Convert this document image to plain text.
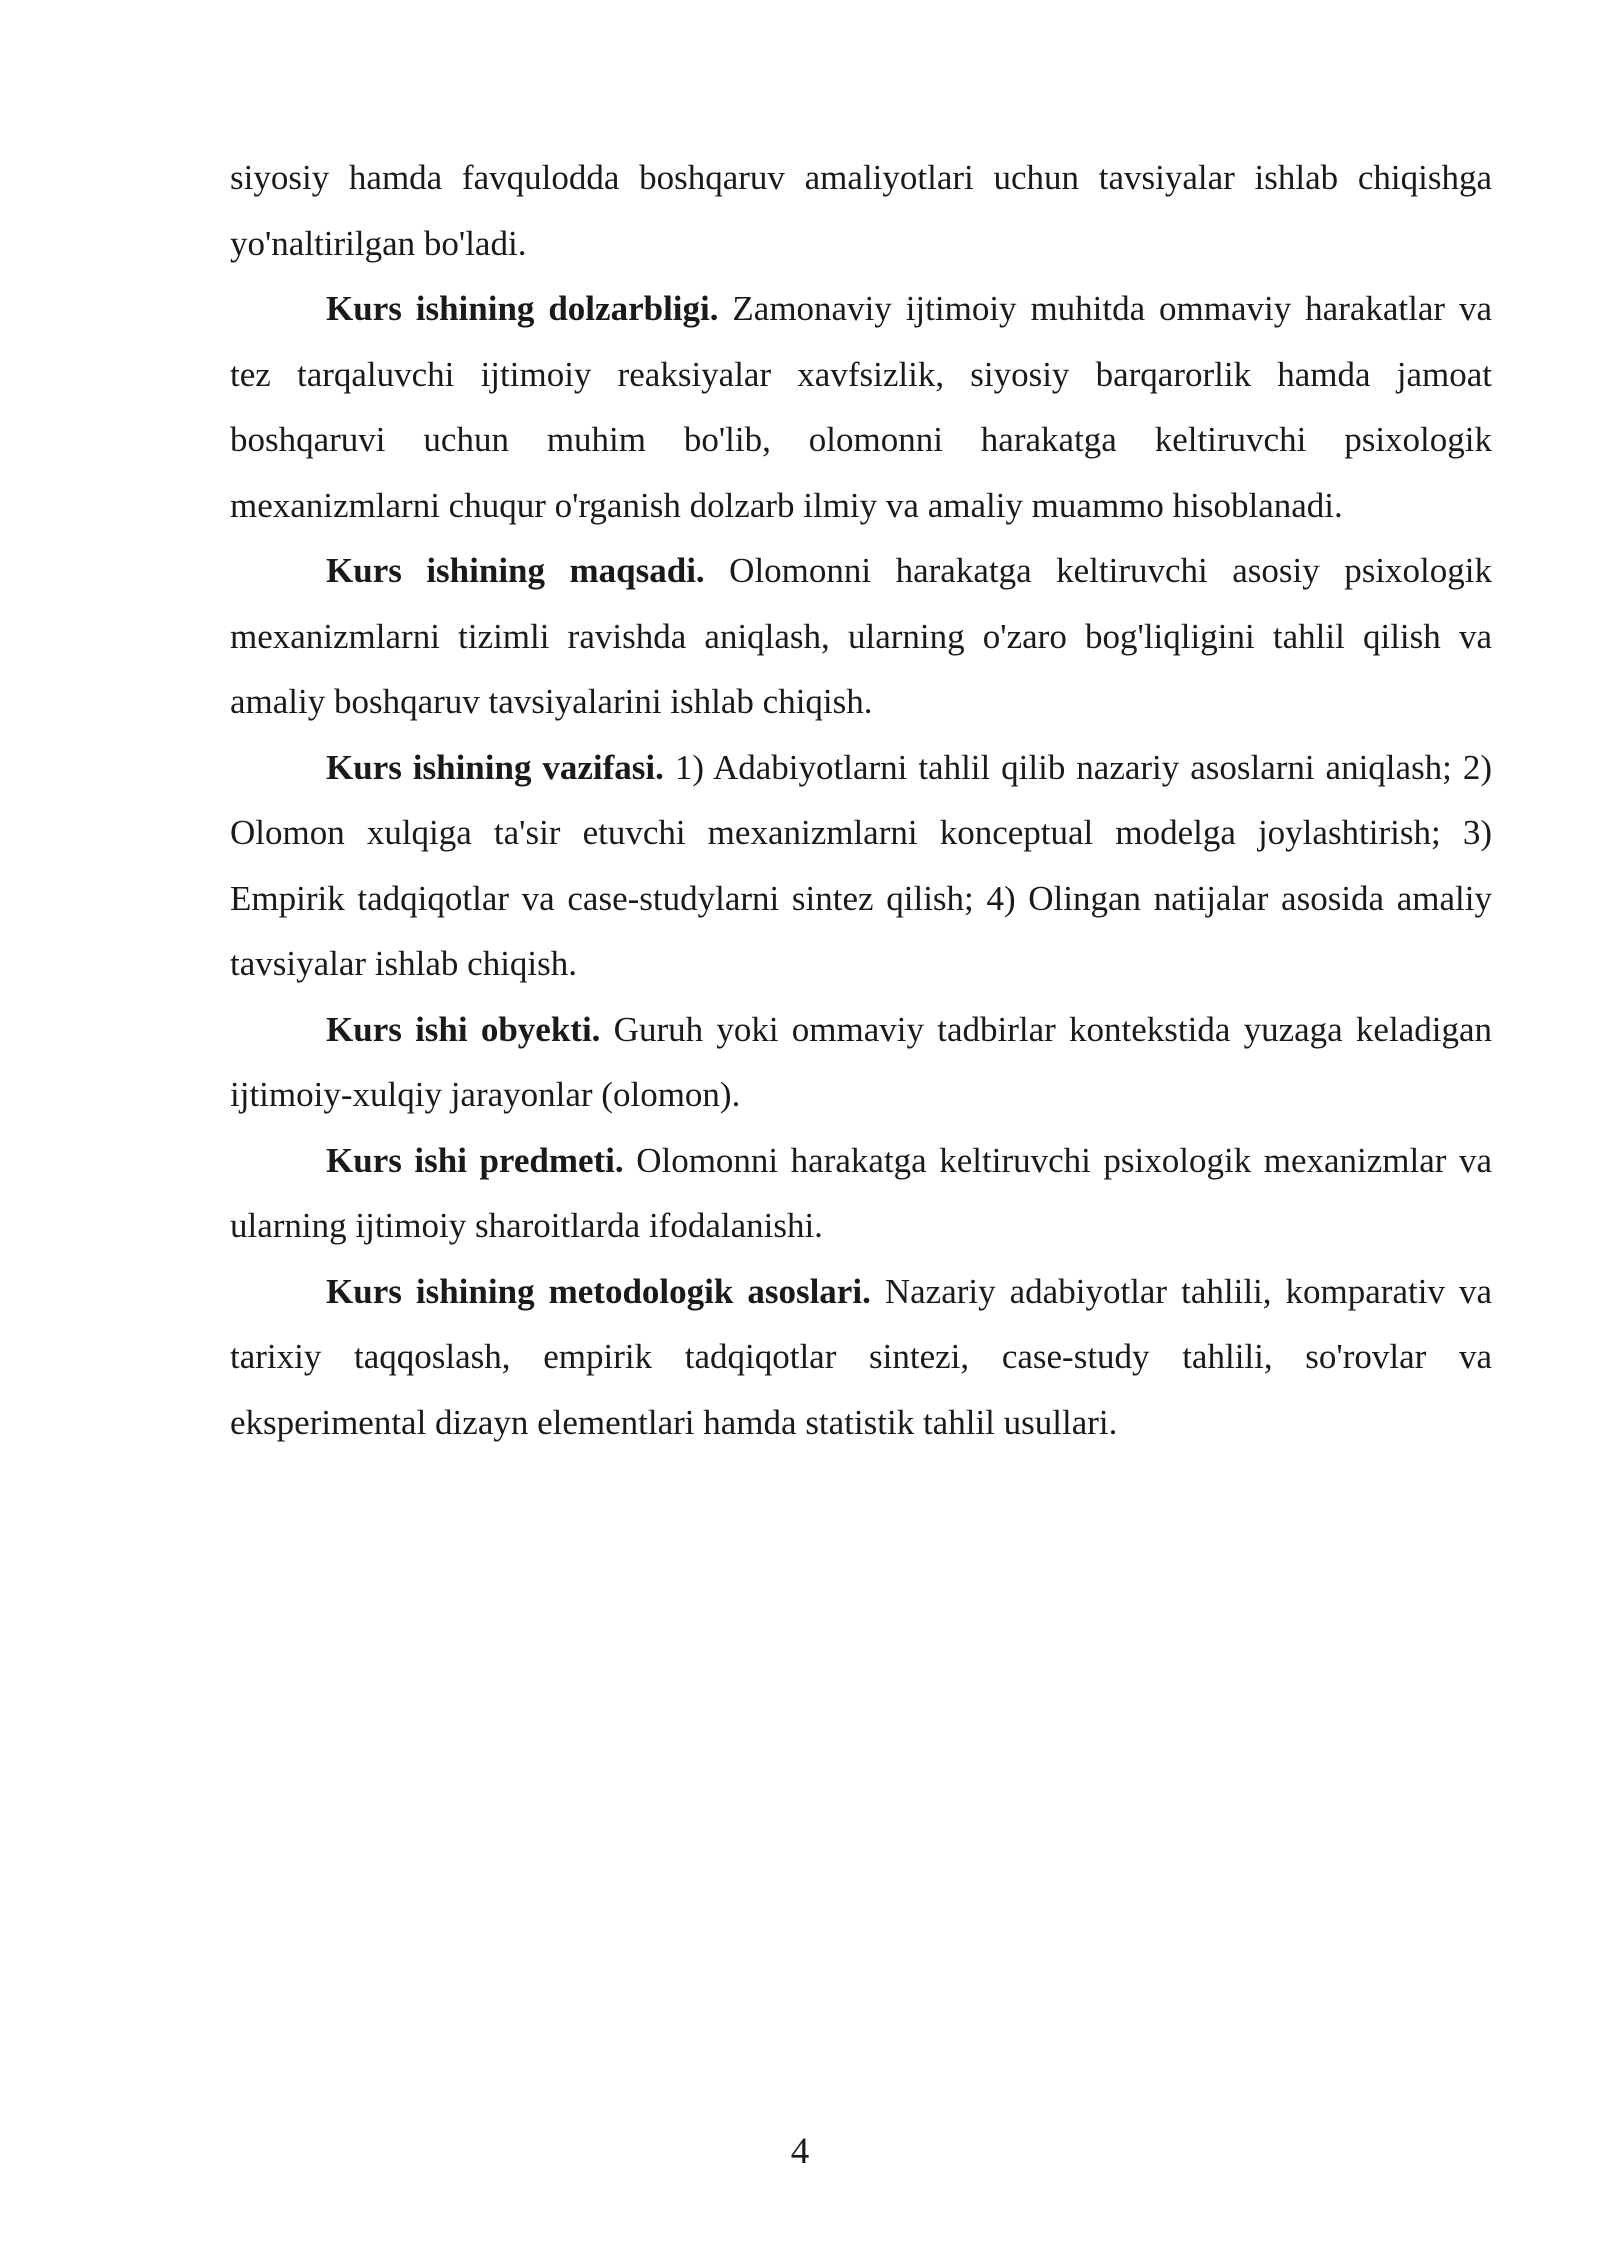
siyosiy hamda favqulodda boshqaruv amaliyotlari uchun tavsiyalar ishlab chiqishga yo'naltirilgan bo'ladi.

Kurs ishining dolzarbligi. Zamonaviy ijtimoiy muhitda ommaviy harakatlar va tez tarqaluvchi ijtimoiy reaksiyalar xavfsizlik, siyosiy barqarorlik hamda jamoat boshqaruvi uchun muhim bo'lib, olomonni harakatga keltiruvchi psixologik mexanizmlarni chuqur o'rganish dolzarb ilmiy va amaliy muammo hisoblanadi.

Kurs ishining maqsadi. Olomonni harakatga keltiruvchi asosiy psixologik mexanizmlarni tizimli ravishda aniqlash, ularning o'zaro bog'liqligini tahlil qilish va amaliy boshqaruv tavsiyalarini ishlab chiqish.

Kurs ishining vazifasi. 1) Adabiyotlarni tahlil qilib nazariy asoslarni aniqlash; 2) Olomon xulqiga ta'sir etuvchi mexanizmlarni konceptual modelga joylashtirish; 3) Empirik tadqiqotlar va case-studylarni sintez qilish; 4) Olingan natijalar asosida amaliy tavsiyalar ishlab chiqish.

Kurs ishi obyekti. Guruh yoki ommaviy tadbirlar kontekstida yuzaga keladigan ijtimoiy-xulqiy jarayonlar (olomon).

Kurs ishi predmeti. Olomonni harakatga keltiruvchi psixologik mexanizmlar va ularning ijtimoiy sharoitlarda ifodalanishi.

Kurs ishining metodologik asoslari. Nazariy adabiyotlar tahlili, komparativ va tarixiy taqqoslash, empirik tadqiqotlar sintezi, case-study tahlili, so'rovlar va eksperimental dizayn elementlari hamda statistik tahlil usullari.

4
